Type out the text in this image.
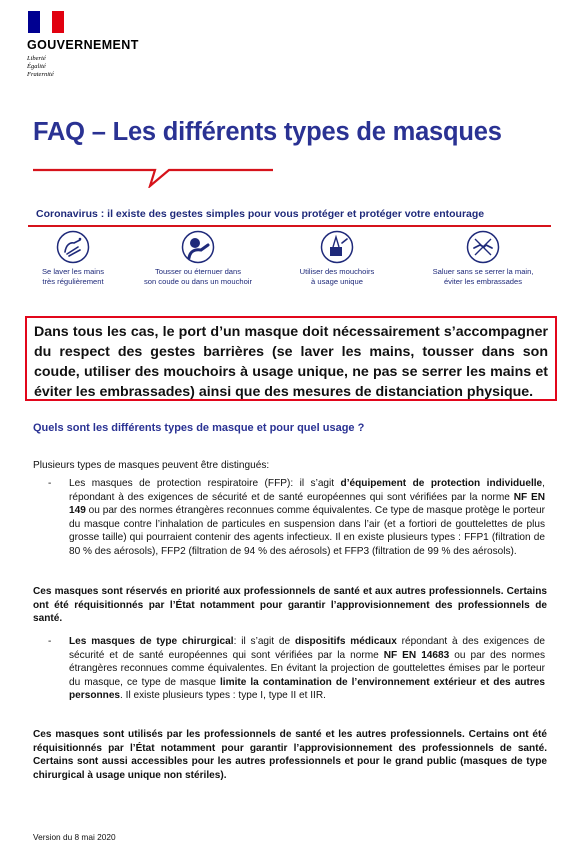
GOUVERNEMENT
Liberté
Égalité
Fraternité
FAQ – Les différents types de masques
Coronavirus : il existe des gestes simples pour vous protéger et protéger votre entourage
Se laver les mains
très régulièrement
Tousser ou éternuer dans
son coude ou dans un mouchoir
Utiliser des mouchoirs
à usage unique
Saluer sans se serrer la main,
éviter les embrassades
Dans tous les cas, le port d’un masque doit nécessairement s’accompagner du respect des gestes barrières (se laver les mains, tousser dans son coude, utiliser des mouchoirs à usage unique, ne pas se serrer les mains et éviter les embrassades) ainsi que des mesures de distanciation physique.
Quels sont les différents types de masque et pour quel usage ?

Plusieurs types de masques peuvent être distingués:

-	Les masques de protection respiratoire (FFP): il s’agit d’équipement de protection individuelle, répondant à des exigences de sécurité et de santé européennes qui sont vérifiées par la norme NF EN 149 ou par des normes étrangères reconnues comme équivalentes. Ce type de masque protège le porteur du masque contre l’inhalation de particules en suspension dans l’air (et a fortiori de gouttelettes de plus grosse taille) qui pourraient contenir des agents infectieux. Il en existe plusieurs types : FFP1 (filtration de 80 % des aérosols), FFP2 (filtration de 94 % des aérosols) et FFP3 (filtration de 99 % des aérosols).

Ces masques sont réservés en priorité aux professionnels de santé et aux autres professionnels. Certains ont été réquisitionnés par l’État notamment pour garantir l’approvisionnement des professionnels de santé.

-	Les masques de type chirurgical: il s’agit de dispositifs médicaux répondant à des exigences de sécurité et de santé européennes qui sont vérifiées par la norme NF EN 14683 ou par des normes étrangères reconnues comme équivalentes. En évitant la projection de gouttelettes émises par le porteur du masque, ce type de masque limite la contamination de l’environnement extérieur et des autres personnes. Il existe plusieurs types : type I, type II et IIR.

Ces masques sont utilisés par les professionnels de santé et les autres professionnels. Certains ont été réquisitionnés par l’État notamment pour garantir l’approvisionnement des professionnels de santé. Certains sont aussi accessibles pour les autres professionnels et pour le grand public (masques de type chirurgical à usage unique non stériles).

Version du 8 mai 2020
